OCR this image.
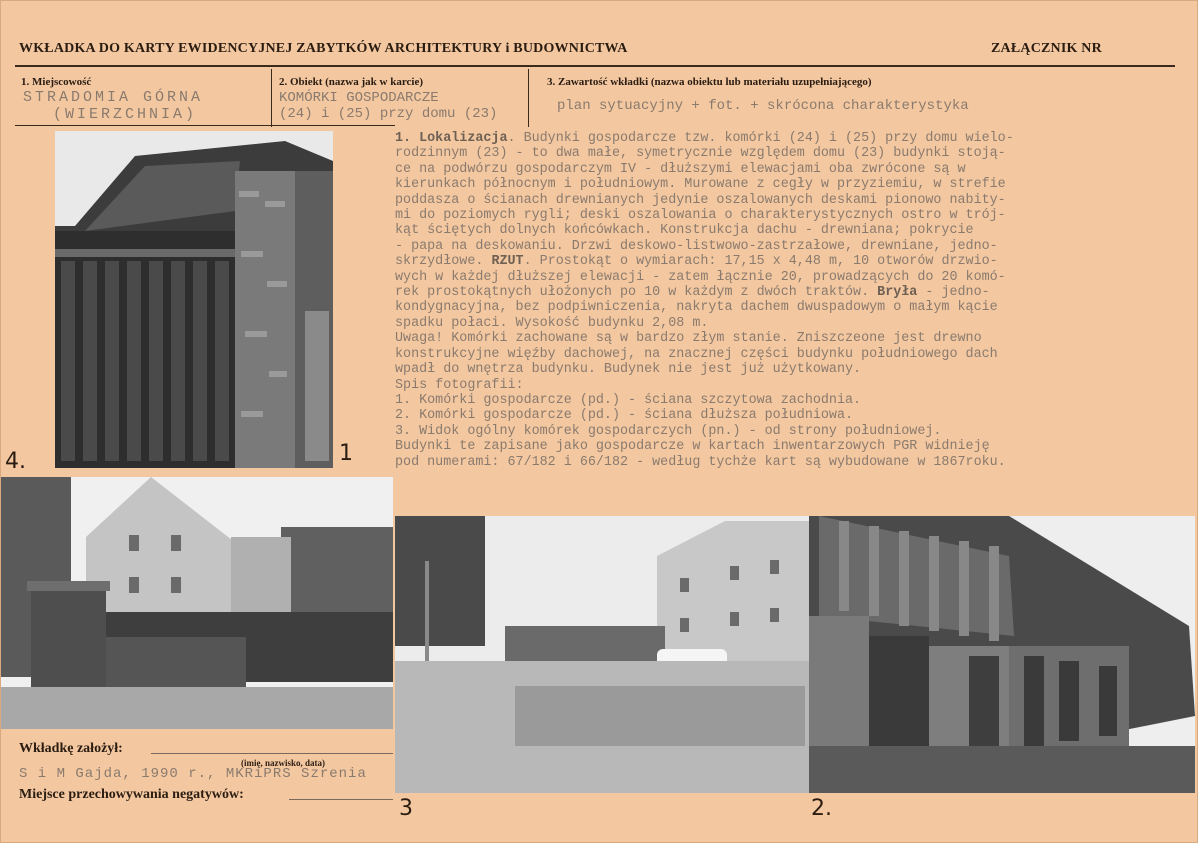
WKŁADKA DO KARTY EWIDENCYJNEJ ZABYTKÓW ARCHITEKTURY i BUDOWNICTWA	ZAŁĄCZNIK NR
1. Miejscowość
STRADOMIA GÓRNA
(WIERZCHNIA)
2. Obiekt (nazwa jak w karcie)
KOMÓRKI GOSPODARCZE
(24) i (25) przy domu (23)
3. Zawartość wkładki (nazwa obiektu lub materiału uzupełniającego)
plan sytuacyjny + fot. + skrócona charakterystyka

1. Lokalizacja. Budynki gospodarcze tzw. komórki (24) i (25) przy domu wielo-

rodzinnym (23) - to dwa małe, symetrycznie względem domu (23) budynki stoją-

ce na podwórzu gospodarczym IV - dłuższymi elewacjami oba zwrócone są w

kierunkach północnym i południowym. Murowane z cegły w przyziemiu, w strefie

poddasza o ścianach drewnianych jedynie oszalowanych deskami pionowo nabity-

mi do poziomych rygli; deski oszalowania o charakterystycznych ostro w trój-

kąt ściętych dolnych końcówkach. Konstrukcja dachu - drewniana; pokrycie

- papa na deskowaniu. Drzwi deskowo-listwowo-zastrzałowe, drewniane, jedno-

skrzydłowe. RZUT. Prostokąt o wymiarach: 17,15 x 4,48 m, 10 otworów drzwio-

wych w każdej dłuższej elewacji - zatem łącznie 20, prowadzących do 20 komó-

rek prostokątnych ułożonych po 10 w każdym z dwóch traktów. Bryła - jedno-

kondygnacyjna, bez podpiwniczenia, nakryta dachem dwuspadowym o małym kącie

spadku połaci. Wysokość budynku 2,08 m.

Uwaga! Komórki zachowane są w bardzo złym stanie. Zniszczeone jest drewno

konstrukcyjne więźby dachowej, na znacznej części budynku południowego dach

wpadł do wnętrza budynku. Budynek nie jest już użytkowany.

Spis fotografii:

1. Komórki gospodarcze (pd.) - ściana szczytowa zachodnia.

2. Komórki gospodarcze (pd.) - ściana dłuższa południowa.

3. Widok ogólny komórek gospodarczych (pn.) - od strony południowej.

Budynki te zapisane jako gospodarcze w kartach inwentarzowych PGR widnieję

pod numerami: 67/182 i 66/182 - według tychże kart są wybudowane w 1867roku.

1
4.
3	2.
Wkładkę założył:
(imię, nazwisko, data)
S i M Gajda, 1990 r., MKRiPRS Szrenia
Miejsce przechowywania negatywów:
